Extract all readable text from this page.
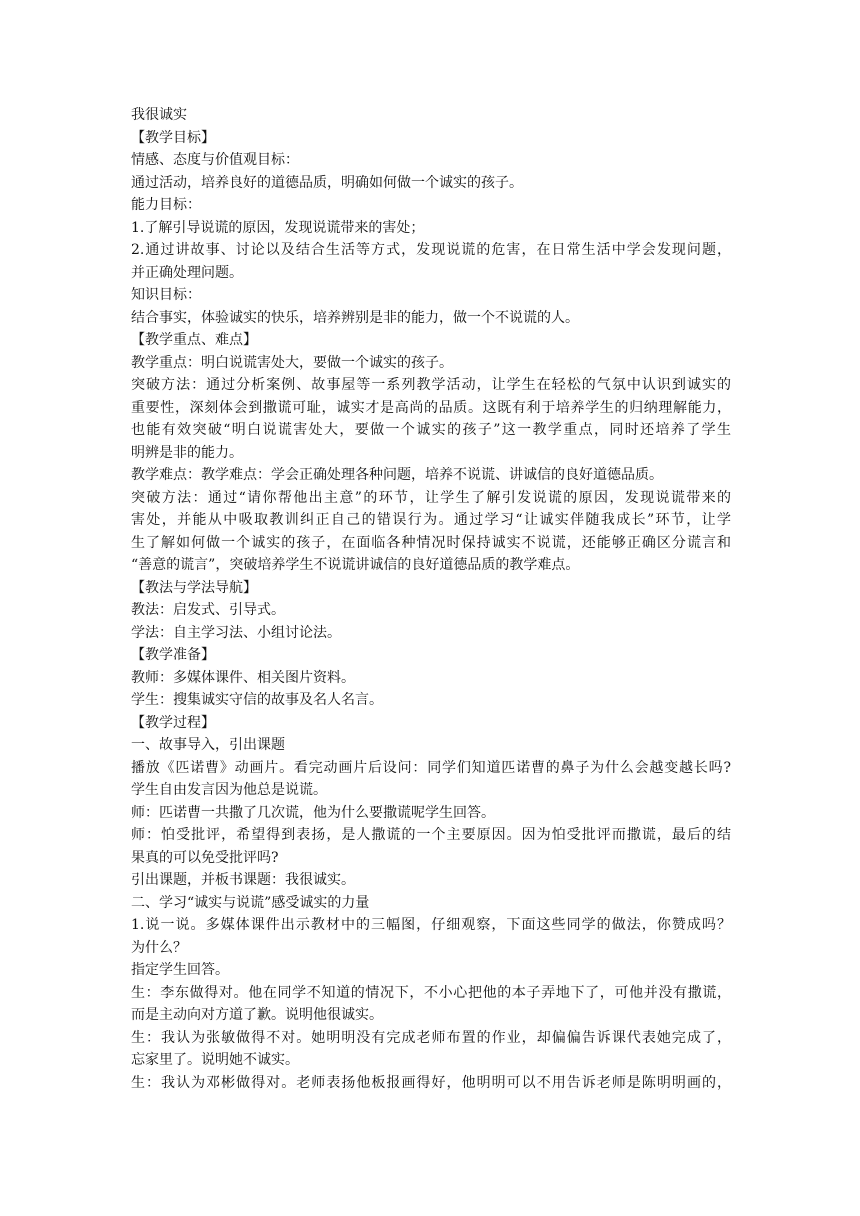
我很诚实
【教学目标】
情感、态度与价值观目标：
通过活动，培养良好的道德品质，明确如何做一个诚实的孩子。
能力目标：
1.了解引导说谎的原因，发现说谎带来的害处；
2.通过讲故事、讨论以及结合生活等方式，发现说谎的危害，在日常生活中学会发现问题，
并正确处理问题。
知识目标：
结合事实，体验诚实的快乐，培养辨别是非的能力，做一个不说谎的人。
【教学重点、难点】
教学重点：明白说谎害处大，要做一个诚实的孩子。
突破方法：通过分析案例、故事屋等一系列教学活动，让学生在轻松的气氛中认识到诚实的
重要性，深刻体会到撒谎可耻，诚实才是高尚的品质。这既有利于培养学生的归纳理解能力，
也能有效突破“明白说谎害处大，要做一个诚实的孩子”这一教学重点，同时还培养了学生
明辨是非的能力。
教学难点：教学难点：学会正确处理各种问题，培养不说谎、讲诚信的良好道德品质。
突破方法：通过“请你帮他出主意”的环节，让学生了解引发说谎的原因，发现说谎带来的
害处，并能从中吸取教训纠正自己的错误行为。通过学习“让诚实伴随我成长”环节，让学
生了解如何做一个诚实的孩子，在面临各种情况时保持诚实不说谎，还能够正确区分谎言和
“善意的谎言”，突破培养学生不说谎讲诚信的良好道德品质的教学难点。
【教法与学法导航】
教法：启发式、引导式。
学法：自主学习法、小组讨论法。
【教学准备】
教师：多媒体课件、相关图片资料。
学生：搜集诚实守信的故事及名人名言。
【教学过程】
一、故事导入，引出课题
播放《匹诺曹》动画片。看完动画片后设问：同学们知道匹诺曹的鼻子为什么会越变越长吗?
学生自由发言因为他总是说谎。
师：匹诺曹一共撒了几次谎，他为什么要撒谎呢学生回答。
师：怕受批评，希望得到表扬，是人撒谎的一个主要原因。因为怕受批评而撒谎，最后的结
果真的可以免受批评吗?
引出课题，并板书课题：我很诚实。
二、学习“诚实与说谎”感受诚实的力量
1.说一说。多媒体课件出示教材中的三幅图，仔细观察，下面这些同学的做法，你赞成吗？
为什么？
指定学生回答。
生：李东做得对。他在同学不知道的情况下，不小心把他的本子弄地下了，可他并没有撒谎，
而是主动向对方道了歉。说明他很诚实。
生：我认为张敏做得不对。她明明没有完成老师布置的作业，却偏偏告诉课代表她完成了，
忘家里了。说明她不诚实。
生：我认为邓彬做得对。老师表扬他板报画得好，他明明可以不用告诉老师是陈明明画的，
